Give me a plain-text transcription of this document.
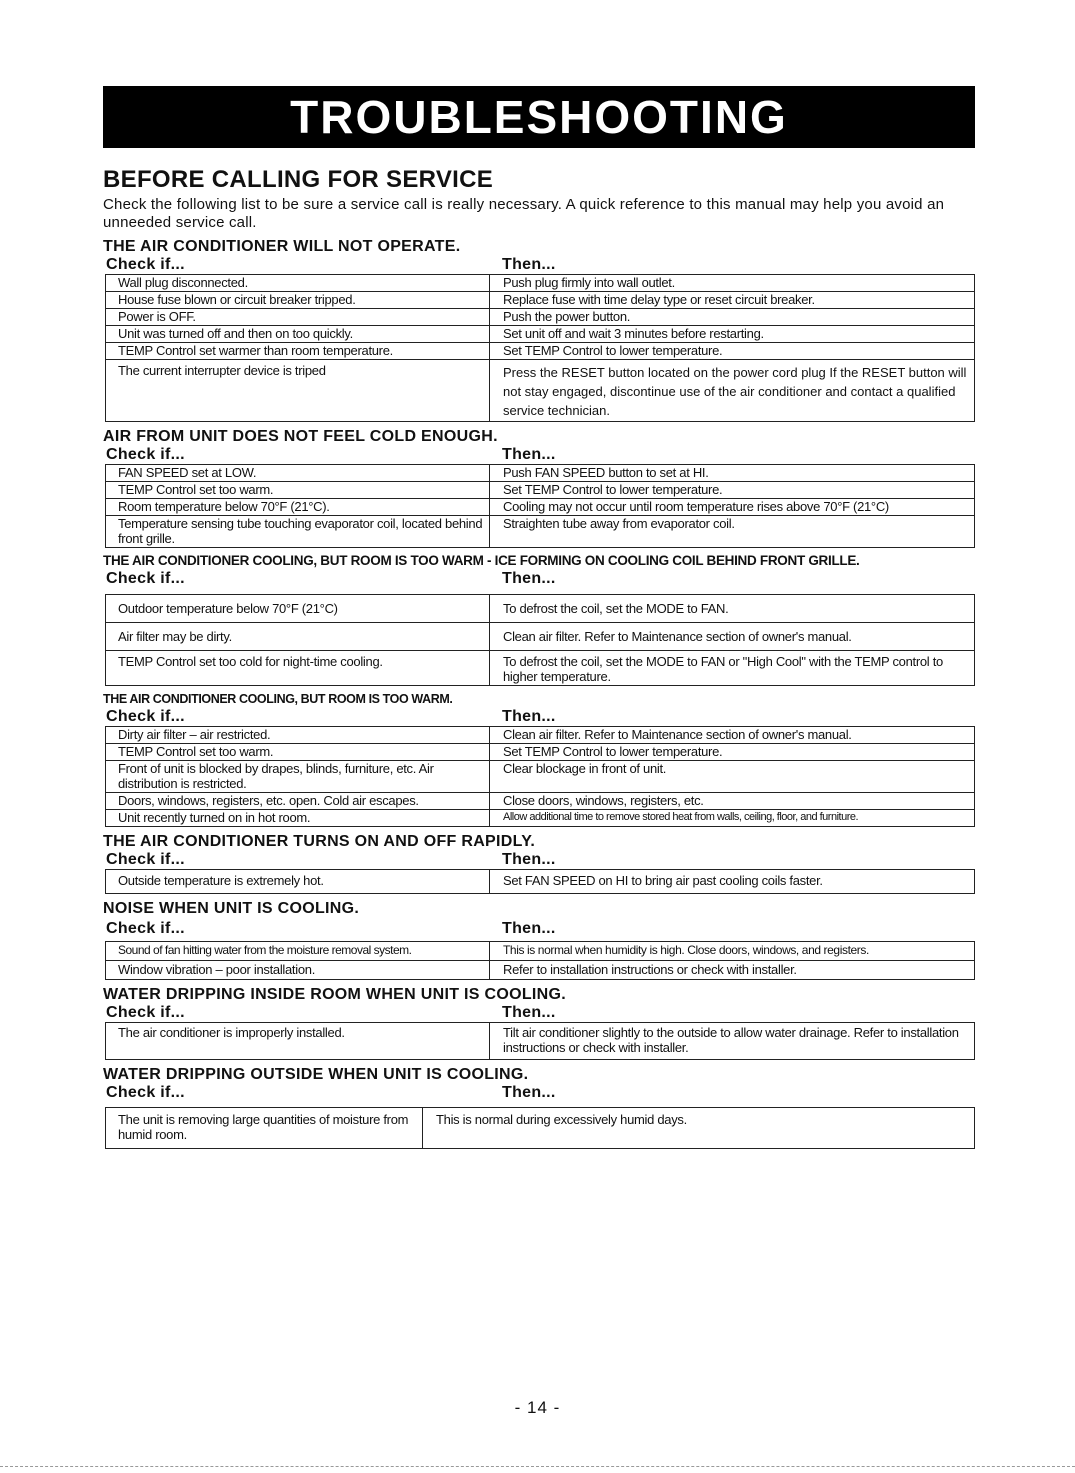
TROUBLESHOOTING
BEFORE CALLING FOR SERVICE

Check the following list to be sure a service call is really necessary. A quick reference to this manual may help you avoid an unneeded service call.

THE AIR CONDITIONER WILL NOT OPERATE.
Check if...	Then...
Wall plug disconnected.	Push plug firmly into wall outlet.
House fuse blown or circuit breaker tripped.	Replace fuse with time delay type or reset circuit breaker.
Power is OFF.	Push the power button.
Unit was turned off and then on too quickly.	Set unit off and wait 3 minutes before restarting.
TEMP Control set warmer than room temperature.	Set TEMP Control to lower temperature.
The current interrupter device is triped	Press the RESET button located on the power cord plug If the RESET button will not stay engaged, discontinue use of the air conditioner and contact a qualified service technician.
AIR FROM UNIT DOES NOT FEEL COLD ENOUGH.
Check if...	Then...
FAN SPEED set at LOW.	Push FAN SPEED button to set at HI.
TEMP Control set too warm.	Set TEMP Control to lower temperature.
Room temperature below 70°F (21°C).	Cooling may not occur until room temperature rises above 70°F (21°C)
Temperature sensing tube touching evaporator coil, located behind front grille.	Straighten tube away from evaporator coil.
THE AIR CONDITIONER COOLING, BUT ROOM IS TOO WARM - ICE FORMING ON COOLING COIL BEHIND FRONT GRILLE.
Check if...	Then...
Outdoor temperature below 70°F (21°C)	To defrost the coil, set the MODE to FAN.
Air filter may be dirty.	Clean air filter. Refer to Maintenance section of owner's manual.
TEMP Control set too cold for night-time cooling.	To defrost the coil, set the MODE to FAN or "High Cool" with the TEMP control to higher temperature.
THE AIR CONDITIONER COOLING, BUT ROOM IS TOO WARM.
Check if...	Then...
Dirty air filter – air restricted.	Clean air filter. Refer to Maintenance section of owner's manual.
TEMP Control set too warm.	Set TEMP Control to lower temperature.
Front of unit is blocked by drapes, blinds, furniture, etc. Air distribution is restricted.	Clear blockage in front of unit.
Doors, windows, registers, etc. open. Cold air escapes.	Close doors, windows, registers, etc.
Unit recently turned on in hot room.	Allow additional time to remove stored heat from walls, ceiling, floor, and furniture.
THE AIR CONDITIONER TURNS ON AND OFF RAPIDLY.
Check if...	Then...
Outside temperature is extremely hot.	Set FAN SPEED on HI to bring air past cooling coils faster.
NOISE WHEN UNIT IS COOLING.
Check if...	Then...
Sound of fan hitting water from the moisture removal system.	This is normal when humidity is high. Close doors, windows, and registers.
Window vibration – poor installation.	Refer to installation instructions or check with installer.
WATER DRIPPING INSIDE ROOM WHEN UNIT IS COOLING.
Check if...	Then...
The air conditioner is improperly installed.	Tilt air conditioner slightly to the outside to allow water drainage. Refer to installation instructions or check with installer.
WATER DRIPPING OUTSIDE WHEN UNIT IS COOLING.
Check if...	Then...
The unit is removing large quantities of moisture from humid room.	This is normal during excessively humid days.
- 14 -
